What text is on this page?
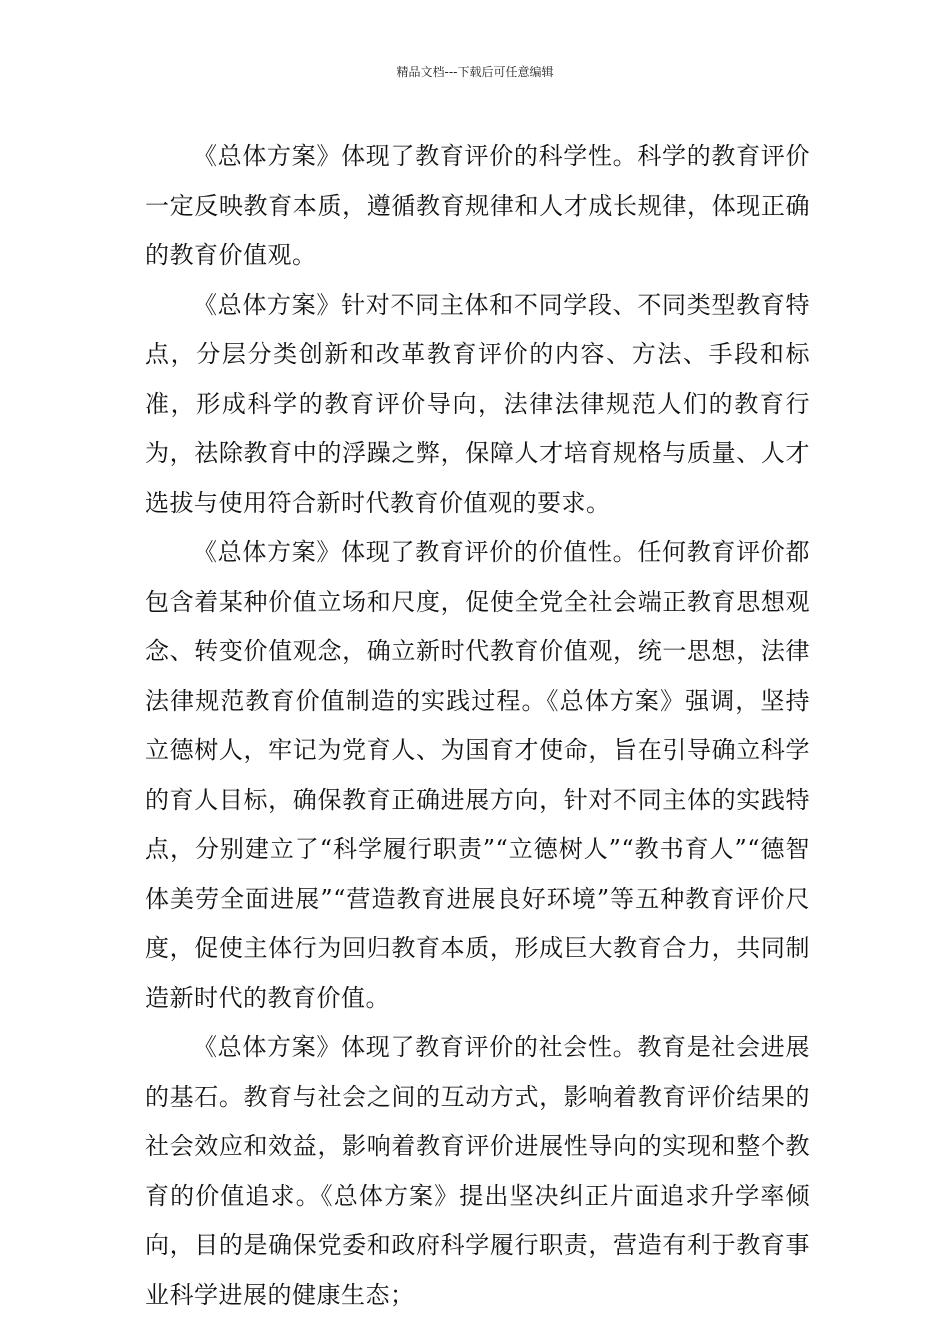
精品文档---下载后可任意编辑

《总体方案》体现了教育评价的科学性。科学的教育评价一定反映教育本质，遵循教育规律和人才成长规律，体现正确的教育价值观。

《总体方案》针对不同主体和不同学段、不同类型教育特点，分层分类创新和改革教育评价的内容、方法、手段和标准，形成科学的教育评价导向，法律法律规范人们的教育行为，祛除教育中的浮躁之弊，保障人才培育规格与质量、人才选拔与使用符合新时代教育价值观的要求。

《总体方案》体现了教育评价的价值性。任何教育评价都包含着某种价值立场和尺度，促使全党全社会端正教育思想观念、转变价值观念，确立新时代教育价值观，统一思想，法律法律规范教育价值制造的实践过程。《总体方案》强调，坚持立德树人，牢记为党育人、为国育才使命，旨在引导确立科学的育人目标，确保教育正确进展方向，针对不同主体的实践特点，分别建立了“科学履行职责”“立德树人”“教书育人”“德智体美劳全面进展”“营造教育进展良好环境”等五种教育评价尺度，促使主体行为回归教育本质，形成巨大教育合力，共同制造新时代的教育价值。

《总体方案》体现了教育评价的社会性。教育是社会进展的基石。教育与社会之间的互动方式，影响着教育评价结果的社会效应和效益，影响着教育评价进展性导向的实现和整个教育的价值追求。《总体方案》提出坚决纠正片面追求升学率倾向，目的是确保党委和政府科学履行职责，营造有利于教育事业科学进展的健康生态；
